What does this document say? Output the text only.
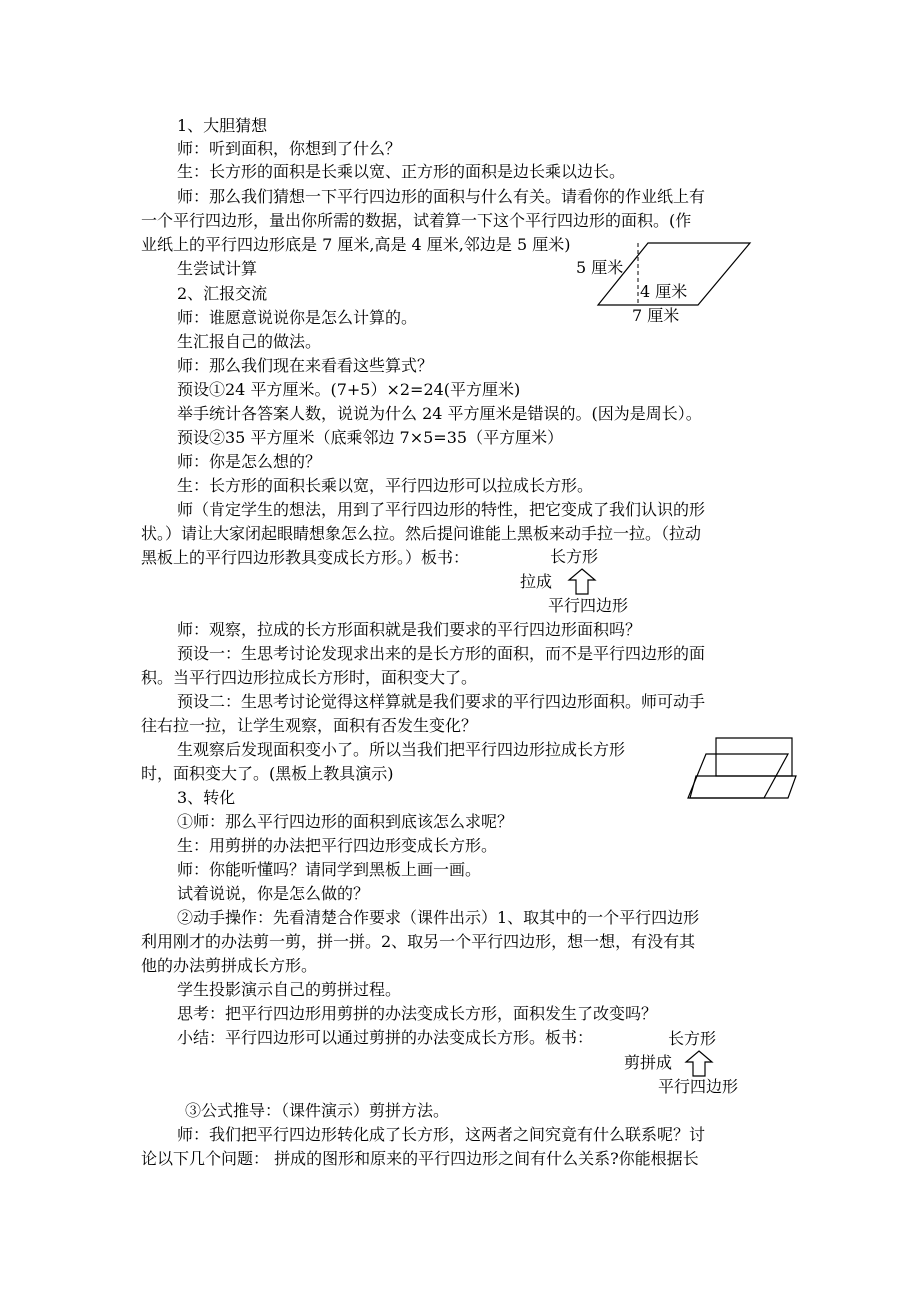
1、大胆猜想
师：听到面积，你想到了什么？
生：长方形的面积是长乘以宽、正方形的面积是边长乘以边长。
师：那么我们猜想一下平行四边形的面积与什么有关。请看你的作业纸上有
一个平行四边形，量出你所需的数据，试着算一下这个平行四边形的面积。(作
业纸上的平行四边形底是 7 厘米,高是 4 厘米,邻边是 5 厘米)
生尝试计算
2、汇报交流
师：谁愿意说说你是怎么计算的。
生汇报自己的做法。
师：那么我们现在来看看这些算式？
预设①24 平方厘米。(7+5）×2=24(平方厘米)
举手统计各答案人数，说说为什么 24 平方厘米是错误的。(因为是周长）。
预设②35 平方厘米（底乘邻边 7×5=35（平方厘米）
师：你是怎么想的？
生：长方形的面积长乘以宽，平行四边形可以拉成长方形。
师（肯定学生的想法，用到了平行四边形的特性，把它变成了我们认识的形
状。）请让大家闭起眼睛想象怎么拉。然后提问谁能上黑板来动手拉一拉。（拉动
黑板上的平行四边形教具变成长方形。）板书：
师：观察，拉成的长方形面积就是我们要求的平行四边形面积吗？
预设一：生思考讨论发现求出来的是长方形的面积，而不是平行四边形的面
积。当平行四边形拉成长方形时，面积变大了。
预设二：生思考讨论觉得这样算就是我们要求的平行四边形面积。师可动手
往右拉一拉，让学生观察，面积有否发生变化？
生观察后发现面积变小了。所以当我们把平行四边形拉成长方形
时，面积变大了。(黑板上教具演示)
3、转化
①师：那么平行四边形的面积到底该怎么求呢？
生：用剪拼的办法把平行四边形变成长方形。
师：你能听懂吗？请同学到黑板上画一画。
试着说说，你是怎么做的？
②动手操作：先看清楚合作要求（课件出示）1、取其中的一个平行四边形
利用刚才的办法剪一剪，拼一拼。2、取另一个平行四边形，想一想，有没有其
他的办法剪拼成长方形。
学生投影演示自己的剪拼过程。
思考：把平行四边形用剪拼的办法变成长方形，面积发生了改变吗？
小结：平行四边形可以通过剪拼的办法变成长方形。板书：
③公式推导：（课件演示）剪拼方法。
师：我们把平行四边形转化成了长方形，这两者之间究竟有什么联系呢？讨
论以下几个问题： 拼成的图形和原来的平行四边形之间有什么关系?你能根据长
5 厘米
4 厘米
7 厘米
长方形
拉成
平行四边形
长方形
剪拼成
平行四边形
